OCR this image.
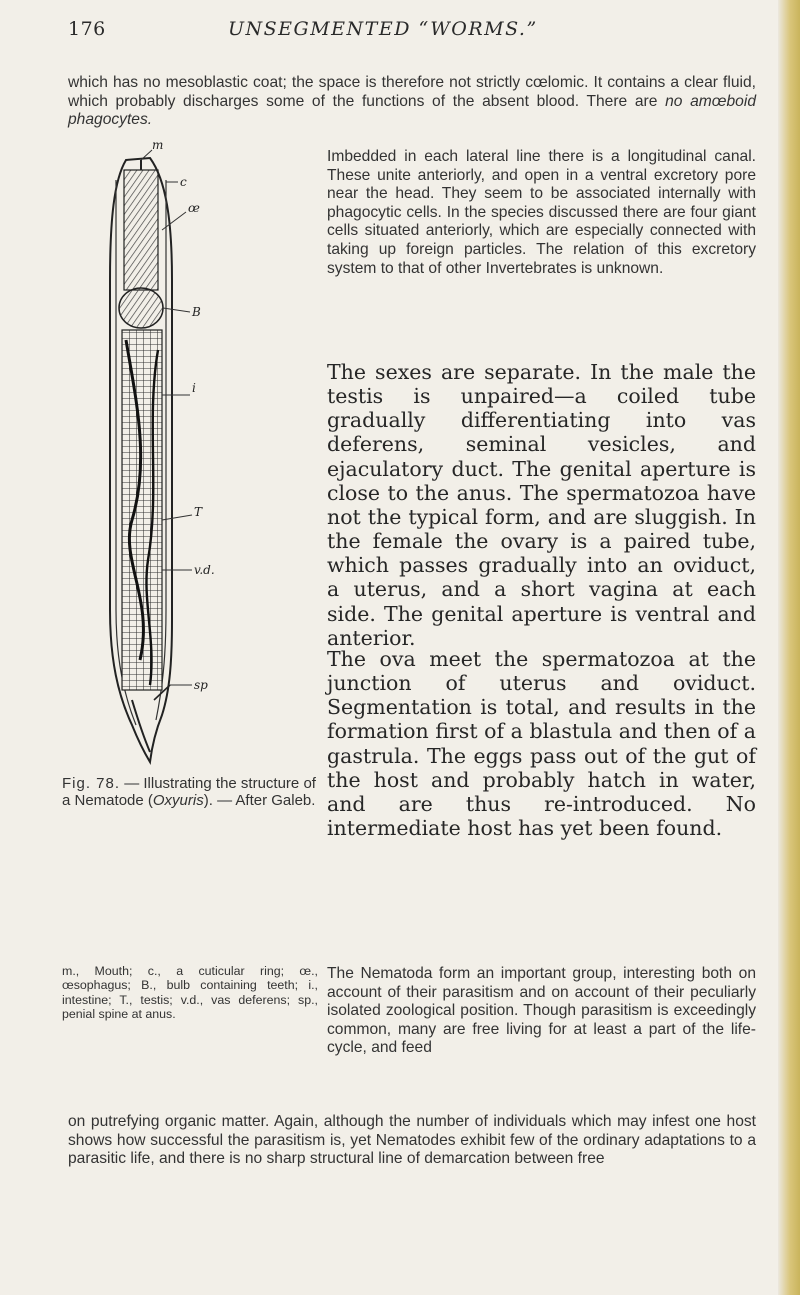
176	UNSEGMENTED “WORMS.”

which has no mesoblastic coat; the space is therefore not strictly cœlomic. It contains a clear fluid, which probably discharges some of the functions of the absent blood. There are no amœboid phagocytes.

Imbedded in each lateral line there is a longitudinal canal. These unite anteriorly, and open in a ventral excretory pore near the head. They seem to be associated internally with phagocytic cells. In the species discussed there are four giant cells situated anteriorly, which are especially connected with taking up foreign particles. The relation of this excretory system to that of other Invertebrates is unknown.

The sexes are separate. In the male the testis is unpaired—a coiled tube gradually differentiating into vas deferens, seminal vesicles, and ejaculatory duct. The genital aperture is close to the anus. The spermatozoa have not the typical form, and are sluggish. In the female the ovary is a paired tube, which passes gradually into an oviduct, a uterus, and a short vagina at each side. The genital aperture is ventral and anterior.

The ova meet the spermatozoa at the junction of uterus and oviduct. Segmentation is total, and results in the formation first of a blastula and then of a gastrula. The eggs pass out of the gut of the host and probably hatch in water, and are thus re-introduced. No intermediate host has yet been found.

The Nematoda form an important group, interesting both on account of their parasitism and on account of their peculiarly isolated zoological position. Though parasitism is exceedingly common, many are free living for at least a part of the life-cycle, and feed

on putrefying organic matter. Again, although the number of individuals which may infest one host shows how successful the parasitism is, yet Nematodes exhibit few of the ordinary adaptations to a parasitic life, and there is no sharp structural line of demarcation between free

m
c
œ
B
i
T
v.d.
sp

Fig. 78. — Illustrating the structure of a Nematode (Oxyuris). — After Galeb.

m., Mouth; c., a cuticular ring; œ., œsophagus; B., bulb containing teeth; i., intestine; T., testis; v.d., vas deferens; sp., penial spine at anus.
